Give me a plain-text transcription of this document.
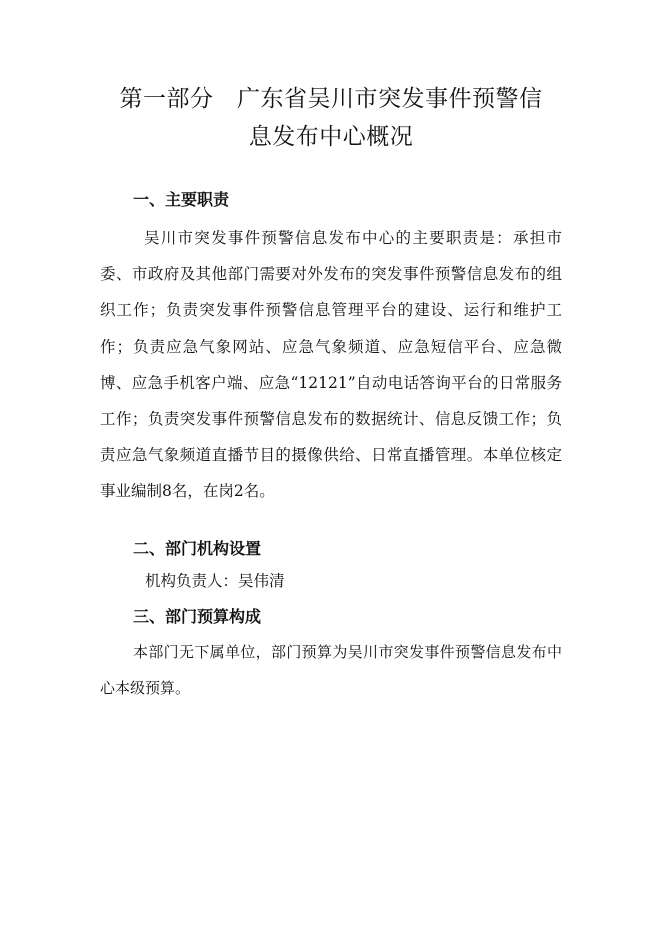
第一部分　广东省吴川市突发事件预警信
息发布中心概况
一、主要职责

吴川市突发事件预警信息发布中心的主要职责是：承担市委、市政府及其他部门需要对外发布的突发事件预警信息发布的组织工作；负责突发事件预警信息管理平台的建设、运行和维护工作；负责应急气象网站、应急气象频道、应急短信平台、应急微博、应急手机客户端、应急“12121”自动电话答询平台的日常服务工作；负责突发事件预警信息发布的数据统计、信息反馈工作；负责应急气象频道直播节目的摄像供给、日常直播管理。本单位核定事业编制8名，在岗2名。

二、部门机构设置

机构负责人：吴伟清

三、部门预算构成

本部门无下属单位，部门预算为吴川市突发事件预警信息发布中心本级预算。
